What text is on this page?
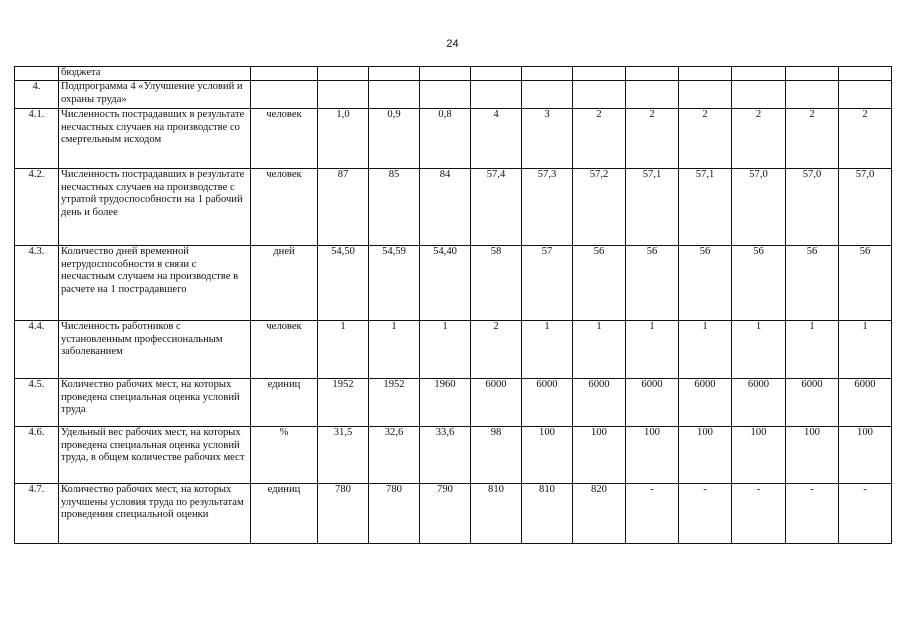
24
	бюджета												
4.	Подпрограмма 4 «Улучшение условий и охраны труда»												
4.1.	Численность пострадавших в результате несчастных случаев на производстве со смертельным исходом	человек	1,0	0,9	0,8	4	3	2	2	2	2	2	2
4.2.	Численность пострадавших в результате несчастных случаев на производстве с утратой трудоспособности на 1 рабочий день и более	человек	87	85	84	57,4	57,3	57,2	57,1	57,1	57,0	57,0	57,0
4.3.	Количество дней временной нетрудоспособности в связи с несчастным случаем на производстве в расчете на 1 пострадавшего	дней	54,50	54,59	54,40	58	57	56	56	56	56	56	56
4.4.	Численность работников с установленным профессиональным заболеванием	человек	1	1	1	2	1	1	1	1	1	1	1
4.5.	Количество рабочих мест, на которых проведена специальная оценка условий труда	единиц	1952	1952	1960	6000	6000	6000	6000	6000	6000	6000	6000
4.6.	Удельный вес рабочих мест, на которых проведена специальная оценка условий труда, в общем количестве рабочих мест	%	31,5	32,6	33,6	98	100	100	100	100	100	100	100
4.7.	Количество рабочих мест, на которых улучшены условия труда по результатам проведения специальной оценки	единиц	780	780	790	810	810	820	-	-	-	-	-
